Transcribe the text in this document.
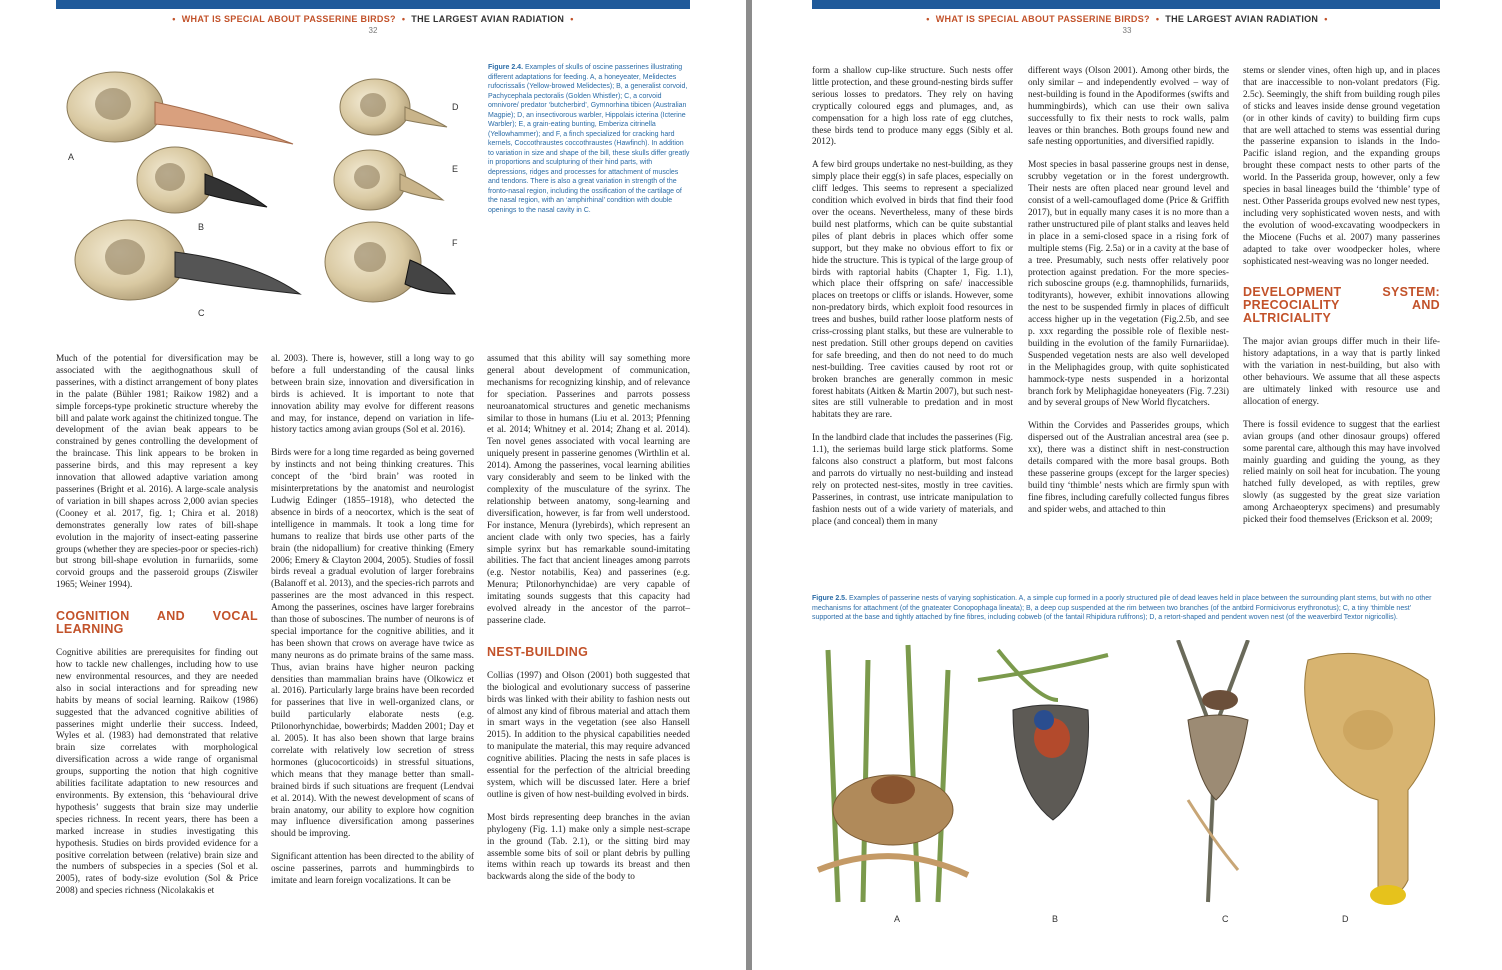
• WHAT IS SPECIAL ABOUT PASSERINE BIRDS? • THE LARGEST AVIAN RADIATION •
32
A
B
C
D
E
F
Figure 2.4. Examples of skulls of oscine passerines illustrating different adaptations for feeding. A, a honeyeater, Melidectes rufocrissalis (Yellow-browed Melidectes); B, a generalist corvoid, Pachycephala pectoralis (Golden Whistler); C, a corvoid omnivore/ predator ‘butcherbird’, Gymnorhina tibicen (Australian Magpie); D, an insectivorous warbler, Hippolais icterina (Icterine Warbler); E, a grain-eating bunting, Emberiza citrinella (Yellowhammer); and F, a finch specialized for cracking hard kernels, Coccothraustes coccothraustes (Hawfinch). In addition to variation in size and shape of the bill, these skulls differ greatly in proportions and sculpturing of their hind parts, with depressions, ridges and processes for attachment of muscles and tendons. There is also a great variation in strength of the fronto-nasal region, including the ossification of the cartilage of the nasal region, with an ‘amphirhinal’ condition with double openings to the nasal cavity in C.

Much of the potential for diversification may be associated with the aegithognathous skull of passerines, with a distinct arrangement of bony plates in the palate (Bühler 1981; Raikow 1982) and a simple forceps-type prokinetic structure whereby the bill and palate work against the chitinized tongue. The development of the avian beak appears to be constrained by genes controlling the development of the braincase. This link appears to be broken in passerine birds, and this may represent a key innovation that allowed adaptive variation among passerines (Bright et al. 2016). A large-scale analysis of variation in bill shapes across 2,000 avian species (Cooney et al. 2017, fig. 1; Chira et al. 2018) demonstrates generally low rates of bill-shape evolution in the majority of insect-eating passerine groups (whether they are species-poor or species-rich) but strong bill-shape evolution in furnariids, some corvoid groups and the passeroid groups (Ziswiler 1965; Weiner 1994).

COGNITION AND VOCAL LEARNING

Cognitive abilities are prerequisites for finding out how to tackle new challenges, including how to use new environmental resources, and they are needed also in social interactions and for spreading new habits by means of social learning. Raikow (1986) suggested that the advanced cognitive abilities of passerines might underlie their success. Indeed, Wyles et al. (1983) had demonstrated that relative brain size correlates with morphological diversification across a wide range of organismal groups, supporting the notion that high cognitive abilities facilitate adaptation to new resources and environments. By extension, this ‘behavioural drive hypothesis’ suggests that brain size may underlie species richness. In recent years, there has been a marked increase in studies investigating this hypothesis. Studies on birds provided evidence for a positive correlation between (relative) brain size and the numbers of subspecies in a species (Sol et al. 2005), rates of body-size evolution (Sol & Price 2008) and species richness (Nicolakakis et

al. 2003). There is, however, still a long way to go before a full understanding of the causal links between brain size, innovation and diversification in birds is achieved. It is important to note that innovation ability may evolve for different reasons and may, for instance, depend on variation in life-history tactics among avian groups (Sol et al. 2016).

Birds were for a long time regarded as being governed by instincts and not being thinking creatures. This concept of the ‘bird brain’ was rooted in misinterpretations by the anatomist and neurologist Ludwig Edinger (1855–1918), who detected the absence in birds of a neocortex, which is the seat of intelligence in mammals. It took a long time for humans to realize that birds use other parts of the brain (the nidopallium) for creative thinking (Emery 2006; Emery & Clayton 2004, 2005). Studies of fossil birds reveal a gradual evolution of larger forebrains (Balanoff et al. 2013), and the species-rich parrots and passerines are the most advanced in this respect. Among the passerines, oscines have larger forebrains than those of suboscines. The number of neurons is of special importance for the cognitive abilities, and it has been shown that crows on average have twice as many neurons as do primate brains of the same mass. Thus, avian brains have higher neuron packing densities than mammalian brains have (Olkowicz et al. 2016). Particularly large brains have been recorded for passerines that live in well-organized clans, or build particularly elaborate nests (e.g. Ptilonorhynchidae, bowerbirds; Madden 2001; Day et al. 2005). It has also been shown that large brains correlate with relatively low secretion of stress hormones (glucocorticoids) in stressful situations, which means that they manage better than small-brained birds if such situations are frequent (Lendvai et al. 2014). With the newest development of scans of brain anatomy, our ability to explore how cognition may influence diversification among passerines should be improving.

Significant attention has been directed to the ability of oscine passerines, parrots and hummingbirds to imitate and learn foreign vocalizations. It can be

assumed that this ability will say something more general about development of communication, mechanisms for recognizing kinship, and of relevance for speciation. Passerines and parrots possess neuroanatomical structures and genetic mechanisms similar to those in humans (Liu et al. 2013; Pfenning et al. 2014; Whitney et al. 2014; Zhang et al. 2014). Ten novel genes associated with vocal learning are uniquely present in passerine genomes (Wirthlin et al. 2014). Among the passerines, vocal learning abilities vary considerably and seem to be linked with the complexity of the musculature of the syrinx. The relationship between anatomy, song-learning and diversification, however, is far from well understood. For instance, Menura (lyrebirds), which represent an ancient clade with only two species, has a fairly simple syrinx but has remarkable sound-imitating abilities. The fact that ancient lineages among parrots (e.g. Nestor notabilis, Kea) and passerines (e.g. Menura; Ptilonorhynchidae) are very capable of imitating sounds suggests that this capacity had evolved already in the ancestor of the parrot–passerine clade.

NEST-BUILDING

Collias (1997) and Olson (2001) both suggested that the biological and evolutionary success of passerine birds was linked with their ability to fashion nests out of almost any kind of fibrous material and attach them in smart ways in the vegetation (see also Hansell 2015). In addition to the physical capabilities needed to manipulate the material, this may require advanced cognitive abilities. Placing the nests in safe places is essential for the perfection of the altricial breeding system, which will be discussed later. Here a brief outline is given of how nest-building evolved in birds.

Most birds representing deep branches in the avian phylogeny (Fig. 1.1) make only a simple nest-scrape in the ground (Tab. 2.1), or the sitting bird may assemble some bits of soil or plant debris by pulling items within reach up towards its breast and then backwards along the side of the body to

• WHAT IS SPECIAL ABOUT PASSERINE BIRDS? • THE LARGEST AVIAN RADIATION •
33

form a shallow cup-like structure. Such nests offer little protection, and these ground-nesting birds suffer serious losses to predators. They rely on having cryptically coloured eggs and plumages, and, as compensation for a high loss rate of egg clutches, these birds tend to produce many eggs (Sibly et al. 2012).

A few bird groups undertake no nest-building, as they simply place their egg(s) in safe places, especially on cliff ledges. This seems to represent a specialized condition which evolved in birds that find their food over the oceans. Nevertheless, many of these birds build nest platforms, which can be quite substantial piles of plant debris in places which offer some support, but they make no obvious effort to fix or hide the structure. This is typical of the large group of birds with raptorial habits (Chapter 1, Fig. 1.1), which place their offspring on safe/ inaccessible places on treetops or cliffs or islands. However, some non-predatory birds, which exploit food resources in trees and bushes, build rather loose platform nests of criss-crossing plant stalks, but these are vulnerable to nest predation. Still other groups depend on cavities for safe breeding, and then do not need to do much nest-building. Tree cavities caused by root rot or broken branches are generally common in mesic forest habitats (Aitken & Martin 2007), but such nest-sites are still vulnerable to predation and in most habitats they are rare.

In the landbird clade that includes the passerines (Fig. 1.1), the seriemas build large stick platforms. Some falcons also construct a platform, but most falcons and parrots do virtually no nest-building and instead rely on protected nest-sites, mostly in tree cavities. Passerines, in contrast, use intricate manipulation to fashion nests out of a wide variety of materials, and place (and conceal) them in many

different ways (Olson 2001). Among other birds, the only similar – and independently evolved – way of nest-building is found in the Apodiformes (swifts and hummingbirds), which can use their own saliva successfully to fix their nests to rock walls, palm leaves or thin branches. Both groups found new and safe nesting opportunities, and diversified rapidly.

Most species in basal passerine groups nest in dense, scrubby vegetation or in the forest undergrowth. Their nests are often placed near ground level and consist of a well-camouflaged dome (Price & Griffith 2017), but in equally many cases it is no more than a rather unstructured pile of plant stalks and leaves held in place in a semi-closed space in a rising fork of multiple stems (Fig. 2.5a) or in a cavity at the base of a tree. Presumably, such nests offer relatively poor protection against predation. For the more species-rich suboscine groups (e.g. thamnophilids, furnariids, todityrants), however, exhibit innovations allowing the nest to be suspended firmly in places of difficult access higher up in the vegetation (Fig.2.5b, and see p. xxx regarding the possible role of flexible nest-building in the evolution of the family Furnariidae). Suspended vegetation nests are also well developed in the Meliphagides group, with quite sophisticated hammock-type nests suspended in a horizontal branch fork by Meliphagidae honeyeaters (Fig. 7.23i) and by several groups of New World flycatchers.

Within the Corvides and Passerides groups, which dispersed out of the Australian ancestral area (see p. xx), there was a distinct shift in nest-construction details compared with the more basal groups. Both these passerine groups (except for the larger species) build tiny ‘thimble’ nests which are firmly spun with fine fibres, including carefully collected fungus fibres and spider webs, and attached to thin

stems or slender vines, often high up, and in places that are inaccessible to non-volant predators (Fig. 2.5c). Seemingly, the shift from building rough piles of sticks and leaves inside dense ground vegetation (or in other kinds of cavity) to building firm cups that are well attached to stems was essential during the passerine expansion to islands in the Indo-Pacific island region, and the expanding groups brought these compact nests to other parts of the world. In the Passerida group, however, only a few species in basal lineages build the ‘thimble’ type of nest. Other Passerida groups evolved new nest types, including very sophisticated woven nests, and with the evolution of wood-excavating woodpeckers in the Miocene (Fuchs et al. 2007) many passerines adapted to take over woodpecker holes, where sophisticated nest-weaving was no longer needed.

DEVELOPMENT SYSTEM: PRECOCIALITY AND ALTRICIALITY

The major avian groups differ much in their life-history adaptations, in a way that is partly linked with the variation in nest-building, but also with other behaviours. We assume that all these aspects are ultimately linked with resource use and allocation of energy.

There is fossil evidence to suggest that the earliest avian groups (and other dinosaur groups) offered some parental care, although this may have involved mainly guarding and guiding the young, as they relied mainly on soil heat for incubation. The young hatched fully developed, as with reptiles, grew slowly (as suggested by the great size variation among Archaeopteryx specimens) and presumably picked their food themselves (Erickson et al. 2009;

Figure 2.5. Examples of passerine nests of varying sophistication. A, a simple cup formed in a poorly structured pile of dead leaves held in place between the surrounding plant stems, but with no other mechanisms for attachment (of the gnateater Conopophaga lineata); B, a deep cup suspended at the rim between two branches (of the antbird Formicivorus erythronotus); C, a tiny ‘thimble nest’ supported at the base and tightly attached by fine fibres, including cobweb (of the fantail Rhipidura rufifrons); D, a retort-shaped and pendent woven nest (of the weaverbird Textor nigricollis).
A	B	C	D
